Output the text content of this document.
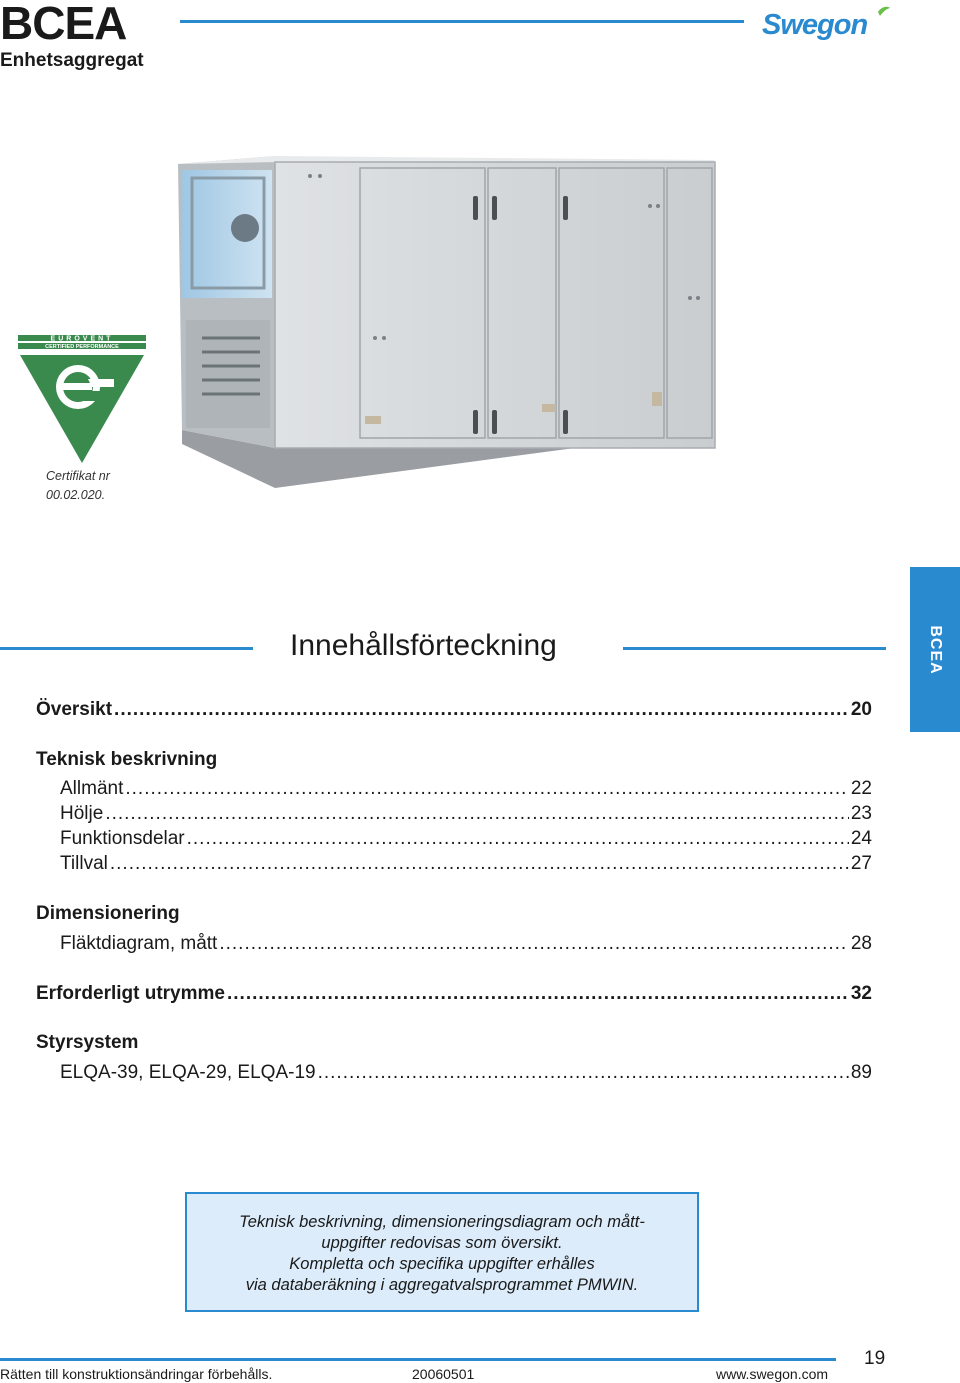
BCEA
Enhetsaggregat
Swegon
EUROVENT
CERTIFIED PERFORMANCE
Certifikat nr
00.02.020.
BCEA
Innehållsförteckning
Översikt .....	20
Teknisk beskrivning
Allmänt .....	22
Hölje .....	23
Funktionsdelar .....	24
Tillval .....	27
Dimensionering
Fläktdiagram, mått .....	28
Erforderligt utrymme .....	32
Styrsystem
ELQA-39, ELQA-29, ELQA-19 .....	89
Teknisk beskrivning, dimensioneringsdiagram och mått-
uppgifter redovisas som översikt.
Kompletta och specifika uppgifter erhålles
via databeräkning i aggregatvalsprogrammet PMWIN.
19
Rätten till konstruktionsändringar förbehålls.	20060501	www.swegon.com
